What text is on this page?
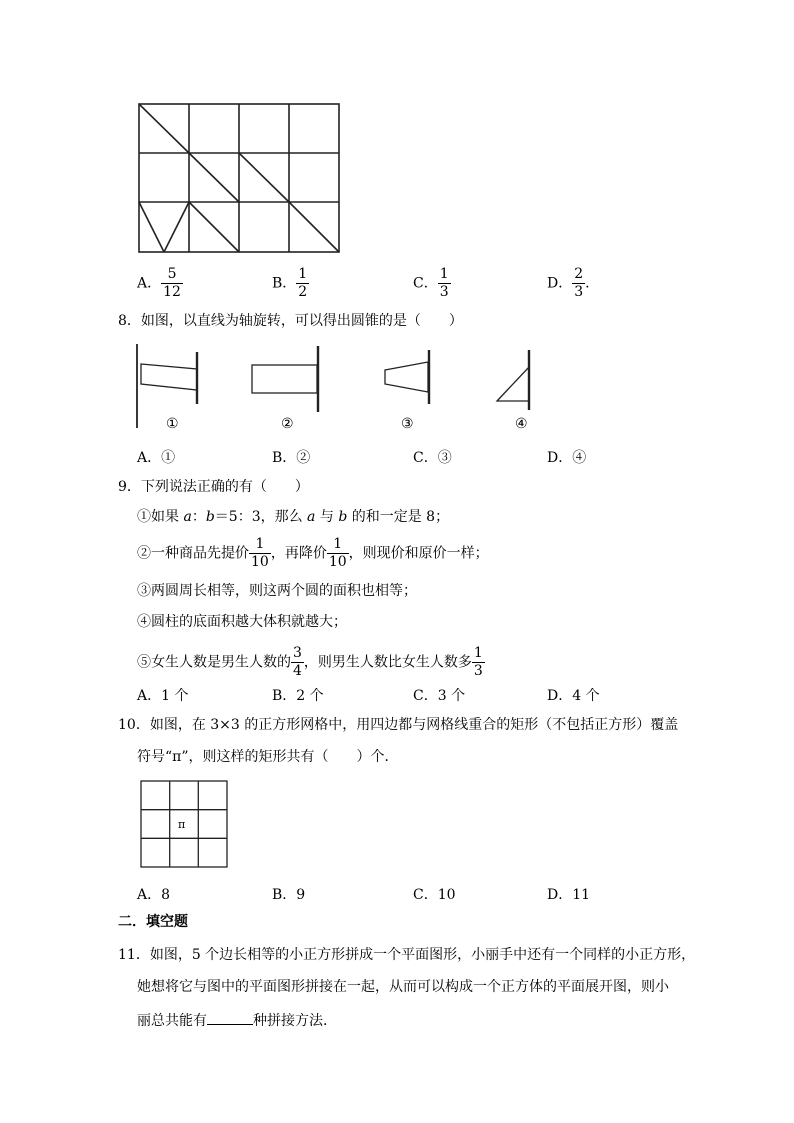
A． $\frac{5}{12}$	B． $\frac{1}{2}$	C． $\frac{1}{3}$	D． $\frac{2}{3}$ .
8．如图，以直线为轴旋转，可以得出圆锥的是（　　）
①	②	③	④
A．①	B．②	C．③	D．④
9．下列说法正确的有（　　）
①如果 a：b＝5：3，那么 a 与 b 的和一定是 8；
②一种商品先提价 $\frac{1}{10}$ ，再降价 $\frac{1}{10}$ ，则现价和原价一样；
③两圆周长相等，则这两个圆的面积也相等；
④圆柱的底面积越大体积就越大；
⑤女生人数是男生人数的 $\frac{3}{4}$ ，则男生人数比女生人数多 $\frac{1}{3}$
A．1 个	B．2 个	C．3 个	D．4 个
10．如图，在 3×3 的正方形网格中，用四边都与网格线重合的矩形（不包括正方形）覆盖
符号“π”，则这样的矩形共有（　　）个．
π
A．8	B．9	C．10	D．11
二．填空题
11．如图，5 个边长相等的小正方形拼成一个平面图形，小丽手中还有一个同样的小正方形，
她想将它与图中的平面图形拼接在一起，从而可以构成一个正方体的平面展开图，则小
丽总共能有	种拼接方法．
